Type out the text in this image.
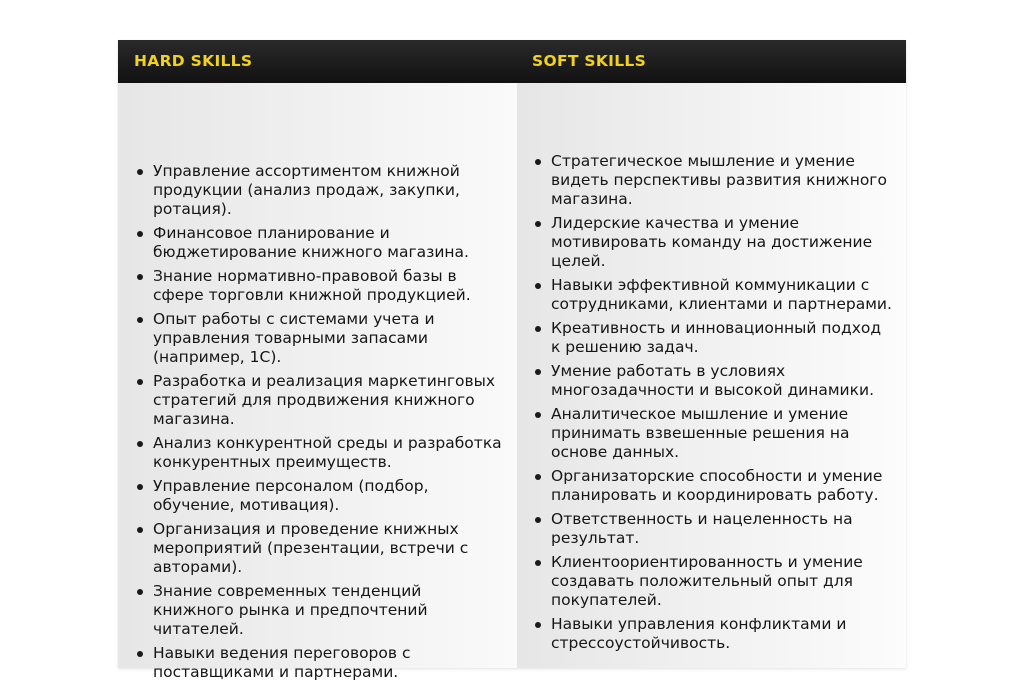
HARD SKILLS	SOFT SKILLS
Управление ассортиментом книжной продукции (анализ продаж, закупки, ротация).
Финансовое планирование и бюджетирование книжного магазина.
Знание нормативно-правовой базы в сфере торговли книжной продукцией.
Опыт работы с системами учета и управления товарными запасами (например, 1С).
Разработка и реализация маркетинговых стратегий для продвижения книжного магазина.
Анализ конкурентной среды и разработка конкурентных преимуществ.
Управление персоналом (подбор, обучение, мотивация).
Организация и проведение книжных мероприятий (презентации, встречи с авторами).
Знание современных тенденций книжного рынка и предпочтений читателей.
Навыки ведения переговоров с поставщиками и партнерами.
Стратегическое мышление и умение видеть перспективы развития книжного магазина.
Лидерские качества и умение мотивировать команду на достижение целей.
Навыки эффективной коммуникации с сотрудниками, клиентами и партнерами.
Креативность и инновационный подход к решению задач.
Умение работать в условиях многозадачности и высокой динамики.
Аналитическое мышление и умение принимать взвешенные решения на основе данных.
Организаторские способности и умение планировать и координировать работу.
Ответственность и нацеленность на результат.
Клиентоориентированность и умение создавать положительный опыт для покупателей.
Навыки управления конфликтами и стрессоустойчивость.
